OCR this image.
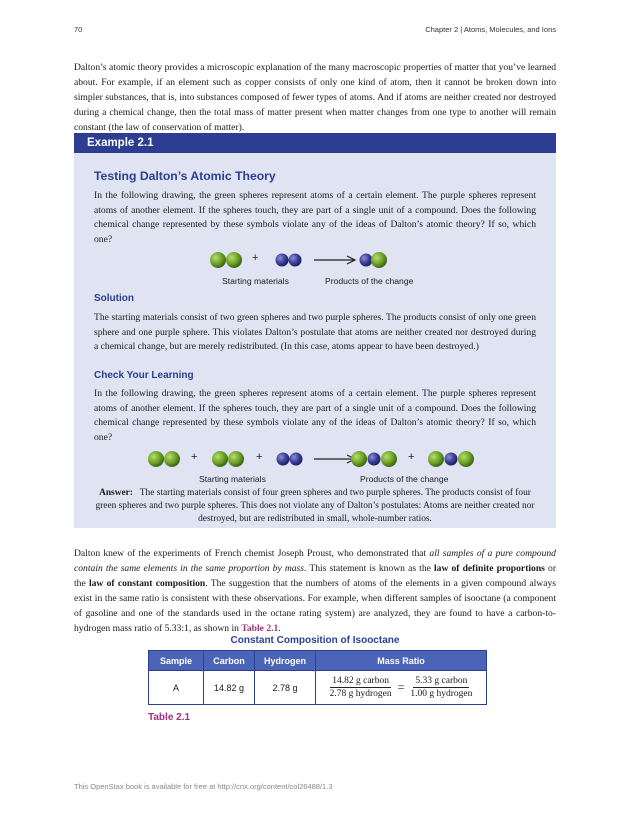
70	Chapter 2 | Atoms, Molecules, and Ions

Dalton’s atomic theory provides a microscopic explanation of the many macroscopic properties of matter that you’ve learned about. For example, if an element such as copper consists of only one kind of atom, then it cannot be broken down into simpler substances, that is, into substances composed of fewer types of atoms. And if atoms are neither created nor destroyed during a chemical change, then the total mass of matter present when matter changes from one type to another will remain constant (the law of conservation of matter).

Example 2.1
Testing Dalton’s Atomic Theory

In the following drawing, the green spheres represent atoms of a certain element. The purple spheres represent atoms of another element. If the spheres touch, they are part of a single unit of a compound. Does the following chemical change represented by these symbols violate any of the ideas of Dalton’s atomic theory? If so, which one?

+
Starting materials	Products of the change
Solution

The starting materials consist of two green spheres and two purple spheres. The products consist of only one green sphere and one purple sphere. This violates Dalton’s postulate that atoms are neither created nor destroyed during a chemical change, but are merely redistributed. (In this case, atoms appear to have been destroyed.)

Check Your Learning

In the following drawing, the green spheres represent atoms of a certain element. The purple spheres represent atoms of another element. If the spheres touch, they are part of a single unit of a compound. Does the following chemical change represented by these symbols violate any of the ideas of Dalton’s atomic theory? If so, which one?

+	+	+
Starting materials	Products of the change
Answer: The starting materials consist of four green spheres and two purple spheres. The products consist of four green spheres and two purple spheres. This does not violate any of Dalton’s postulates: Atoms are neither created nor destroyed, but are redistributed in small, whole-number ratios.

Dalton knew of the experiments of French chemist Joseph Proust, who demonstrated that all samples of a pure compound contain the same elements in the same proportion by mass. This statement is known as the law of definite proportions or the law of constant composition. The suggestion that the numbers of atoms of the elements in a given compound always exist in the same ratio is consistent with these observations. For example, when different samples of isooctane (a component of gasoline and one of the standards used in the octane rating system) are analyzed, they are found to have a carbon-to-hydrogen mass ratio of 5.33:1, as shown in Table 2.1.

Constant Composition of Isooctane
Sample	Carbon	Hydrogen	Mass Ratio
A	14.82 g	2.78 g	$\frac{\text{14.82 g carbon}}{\text{2.78 g hydrogen}} = \frac{\text{5.33 g carbon}}{\text{1.00 g hydrogen}}$
Table 2.1
This OpenStax book is available for free at http://cnx.org/content/col26488/1.3
